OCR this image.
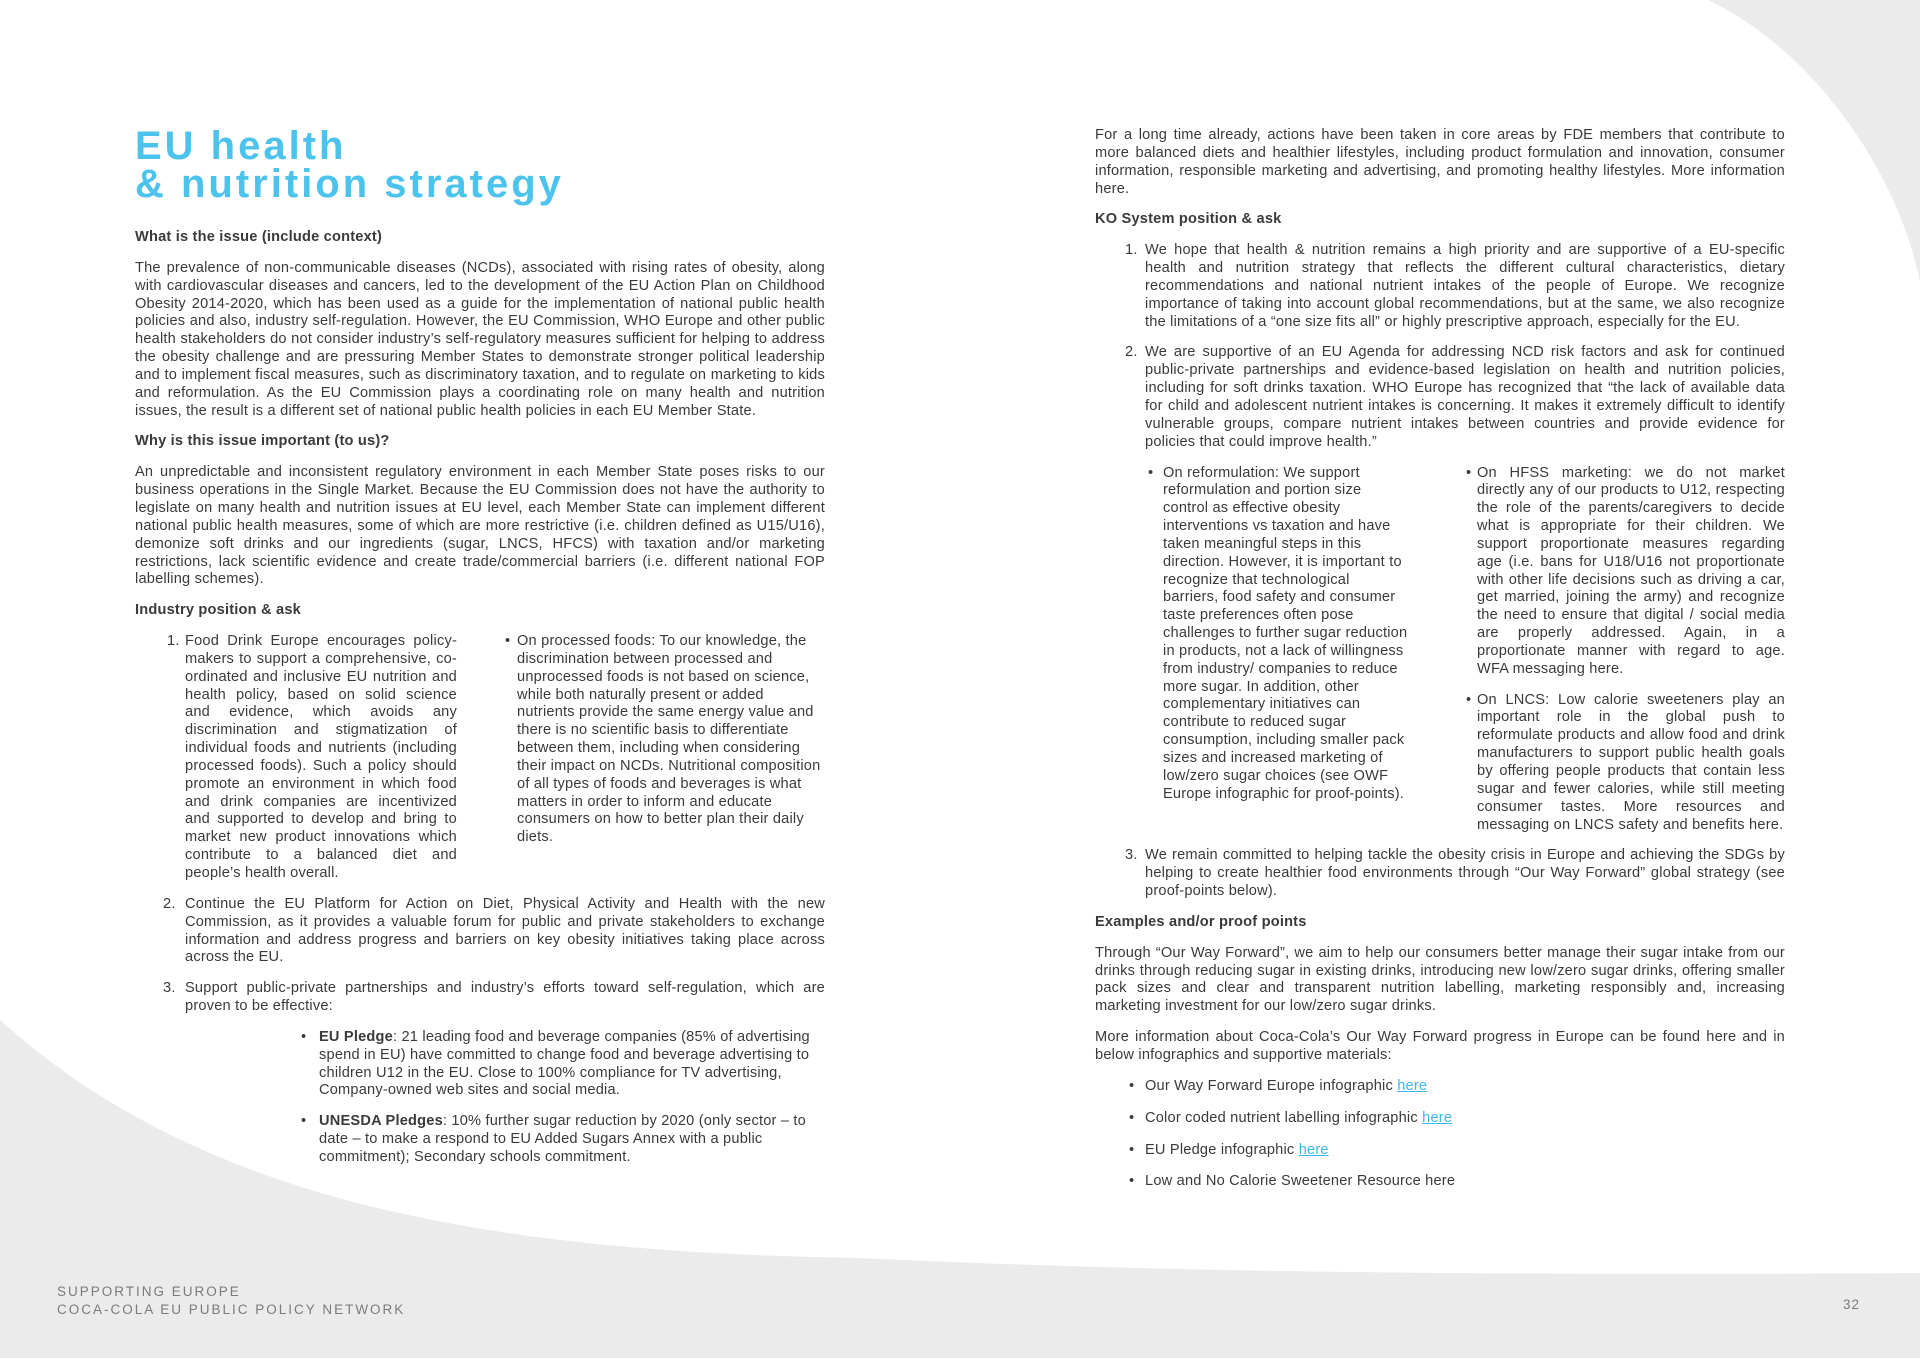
EU health
& nutrition strategy
What is the issue (include context)

The prevalence of non-communicable diseases (NCDs), associated with rising rates of obesity, along with cardiovascular diseases and cancers, led to the development of the EU Action Plan on Childhood Obesity 2014-2020, which has been used as a guide for the implementation of national public health policies and also, industry self-regulation. However, the EU Commission, WHO Europe and other public health stakeholders do not consider industry’s self-regulatory measures sufficient for helping to address the obesity challenge and are pressuring Member States to demonstrate stronger political leadership and to implement fiscal measures, such as discriminatory taxation, and to regulate on marketing to kids and reformulation. As the EU Commission plays a coordinating role on many health and nutrition issues, the result is a different set of national public health policies in each EU Member State.

Why is this issue important (to us)?

An unpredictable and inconsistent regulatory environment in each Member State poses risks to our business operations in the Single Market. Because the EU Commission does not have the authority to legislate on many health and nutrition issues at EU level, each Member State can implement different national public health measures, some of which are more restrictive (i.e. children defined as U15/U16), demonize soft drinks and our ingredients (sugar, LNCS, HFCS) with taxation and/or marketing restrictions, lack scientific evidence and create trade/commercial barriers (i.e. different national FOP labelling schemes).

Industry position & ask
1. Food Drink Europe encourages policy-makers to support a comprehensive, co-ordinated and inclusive EU nutrition and health policy, based on solid science and evidence, which avoids any discrimination and stigmatization of individual foods and nutrients (including processed foods). Such a policy should promote an environment in which food and drink companies are incentivized and supported to develop and bring to market new product innovations which contribute to a balanced diet and people’s health overall.
•
On processed foods: To our knowledge, the discrimination between processed and unprocessed foods is not based on science, while both naturally present or added nutrients provide the same energy value and there is no scientific basis to differentiate between them, including when considering their impact on NCDs. Nutritional composition of all types of foods and beverages is what matters in order to inform and educate consumers on how to better plan their daily diets.
2. Continue the EU Platform for Action on Diet, Physical Activity and Health with the new Commission, as it provides a valuable forum for public and private stakeholders to exchange information and address progress and barriers on key obesity initiatives taking place across across the EU.
3. Support public-private partnerships and industry’s efforts toward self-regulation, which are proven to be effective:
•
EU Pledge: 21 leading food and beverage companies (85% of advertising spend in EU) have committed to change food and beverage advertising to children U12 in the EU. Close to 100% compliance for TV advertising, Company-owned web sites and social media.
•
UNESDA Pledges: 10% further sugar reduction by 2020 (only sector – to date – to make a respond to EU Added Sugars Annex with a public commitment); Secondary schools commitment.

For a long time already, actions have been taken in core areas by FDE members that contribute to more balanced diets and healthier lifestyles, including product formulation and innovation, consumer information, responsible marketing and advertising, and promoting healthy lifestyles. More information here.

KO System position & ask
1. We hope that health & nutrition remains a high priority and are supportive of a EU-specific health and nutrition strategy that reflects the different cultural characteristics, dietary recommendations and national nutrient intakes of the people of Europe. We recognize importance of taking into account global recommendations, but at the same, we also recognize the limitations of a “one size fits all” or highly prescriptive approach, especially for the EU.
2. We are supportive of an EU Agenda for addressing NCD risk factors and ask for continued public-private partnerships and evidence-based legislation on health and nutrition policies, including for soft drinks taxation. WHO Europe has recognized that “the lack of available data for child and adolescent nutrient intakes is concerning. It makes it extremely difficult to identify vulnerable groups, compare nutrient intakes between countries and provide evidence for policies that could improve health.”
•
On reformulation: We support reformulation and portion size control as effective obesity interventions vs taxation and have taken meaningful steps in this direction. However, it is important to recognize that technological barriers, food safety and consumer taste preferences often pose challenges to further sugar reduction in products, not a lack of willingness from industry/ companies to reduce more sugar. In addition, other complementary initiatives can contribute to reduced sugar consumption, including smaller pack sizes and increased marketing of low/zero sugar choices (see OWF Europe infographic for proof-points).
•
On HFSS marketing: we do not market directly any of our products to U12, respecting the role of the parents/caregivers to decide what is appropriate for their children. We support proportionate measures regarding age (i.e. bans for U18/U16 not proportionate with other life decisions such as driving a car, get married, joining the army) and recognize the need to ensure that digital / social media are properly addressed. Again, in a proportionate manner with regard to age. WFA messaging here.
•
On LNCS: Low calorie sweeteners play an important role in the global push to reformulate products and allow food and drink manufacturers to support public health goals by offering people products that contain less sugar and fewer calories, while still meeting consumer tastes. More resources and messaging on LNCS safety and benefits here.
3. We remain committed to helping tackle the obesity crisis in Europe and achieving the SDGs by helping to create healthier food environments through “Our Way Forward” global strategy (see proof-points below).
Examples and/or proof points

Through “Our Way Forward”, we aim to help our consumers better manage their sugar intake from our drinks through reducing sugar in existing drinks, introducing new low/zero sugar drinks, offering smaller pack sizes and clear and transparent nutrition labelling, marketing responsibly and, increasing marketing investment for our low/zero sugar drinks.

More information about Coca-Cola’s Our Way Forward progress in Europe can be found here and in below infographics and supportive materials:

•
Our Way Forward Europe infographic here
•
Color coded nutrient labelling infographic here
•
EU Pledge infographic here
•
Low and No Calorie Sweetener Resource here
SUPPORTING EUROPE
COCA-COLA EU PUBLIC POLICY NETWORK	32
